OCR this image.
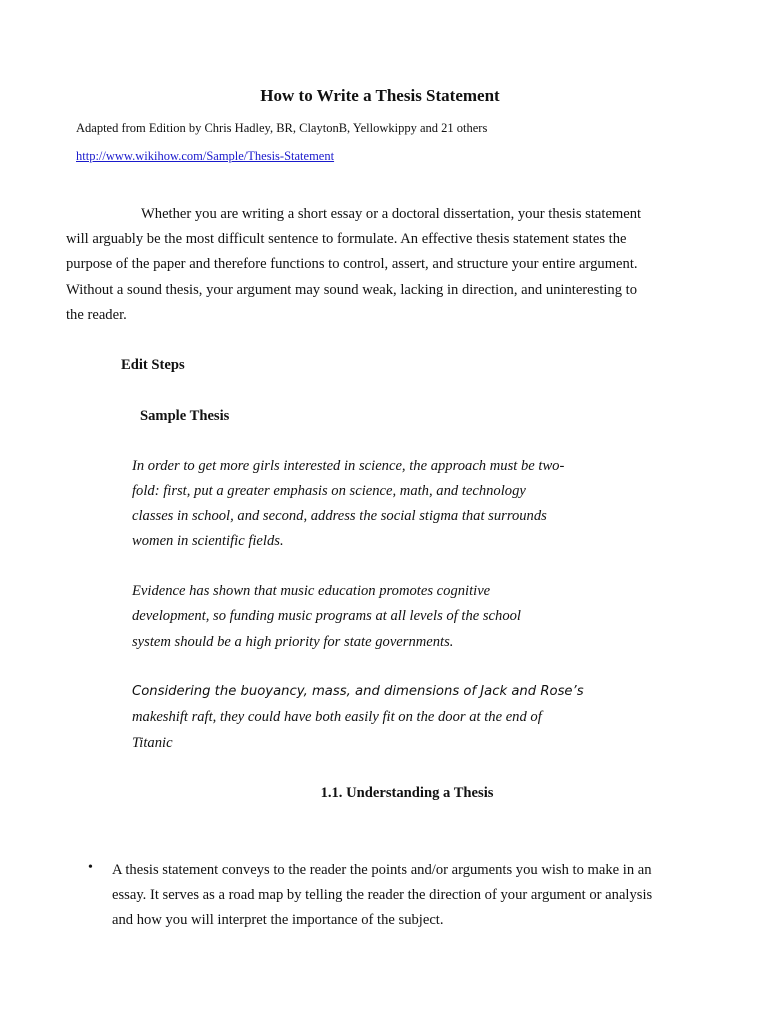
How to Write a Thesis Statement
Adapted from Edition by Chris Hadley, BR, ClaytonB, Yellowkippy and 21 others
http://www.wikihow.com/Sample/Thesis-Statement
Whether you are writing a short essay or a doctoral dissertation, your thesis statement
will arguably be the most difficult sentence to formulate. An effective thesis statement states the
purpose of the paper and therefore functions to control, assert, and structure your entire argument.
Without a sound thesis, your argument may sound weak, lacking in direction, and uninteresting to
the reader.
Edit Steps
Sample Thesis
In order to get more girls interested in science, the approach must be two-
fold: first, put a greater emphasis on science, math, and technology
classes in school, and second, address the social stigma that surrounds
women in scientific fields.
Evidence has shown that music education promotes cognitive
development, so funding music programs at all levels of the school
system should be a high priority for state governments.
Considering the buoyancy, mass, and dimensions of Jack and Rose’s
makeshift raft, they could have both easily fit on the door at the end of
Titanic
1.1. Understanding a Thesis
• A thesis statement conveys to the reader the points and/or arguments you wish to make in an
essay. It serves as a road map by telling the reader the direction of your argument or analysis
and how you will interpret the importance of the subject.
